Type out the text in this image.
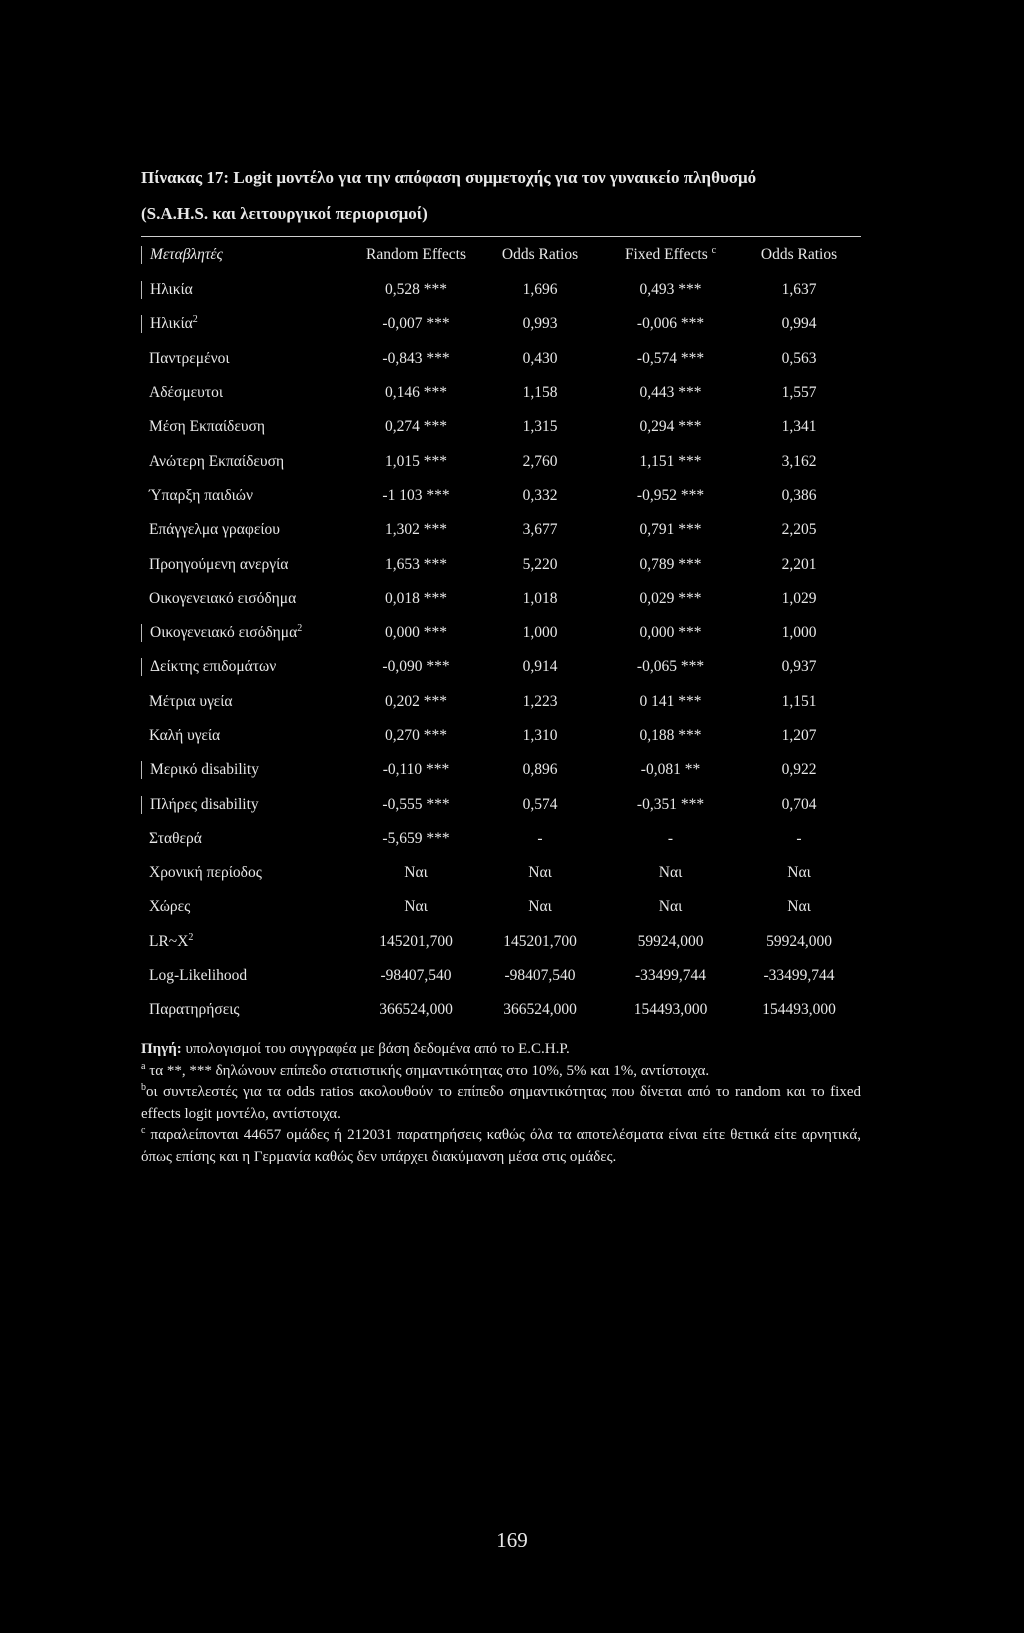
Πίνακας 17: Logit μοντέλο για την απόφαση συμμετοχής για τον γυναικείο πληθυσμό
(S.A.H.S. και λειτουργικοί περιορισμοί)
Μεταβλητές	Random Effects	Odds Ratios	Fixed Effects $^c$	Odds Ratios
Ηλικία	0,528 ***	1,696	0,493 ***	1,637
Ηλικία$^2$	-0,007 ***	0,993	-0,006 ***	0,994
Παντρεμένοι	-0,843 ***	0,430	-0,574 ***	0,563
Αδέσμευτοι	0,146 ***	1,158	0,443 ***	1,557
Μέση Εκπαίδευση	0,274 ***	1,315	0,294 ***	1,341
Ανώτερη Εκπαίδευση	1,015 ***	2,760	1,151 ***	3,162
Ύπαρξη παιδιών	-1 103 ***	0,332	-0,952 ***	0,386
Επάγγελμα γραφείου	1,302 ***	3,677	0,791 ***	2,205
Προηγούμενη ανεργία	1,653 ***	5,220	0,789 ***	2,201
Οικογενειακό εισόδημα	0,018 ***	1,018	0,029 ***	1,029
Οικογενειακό εισόδημα$^2$	0,000 ***	1,000	0,000 ***	1,000
Δείκτης επιδομάτων	-0,090 ***	0,914	-0,065 ***	0,937
Μέτρια υγεία	0,202 ***	1,223	0 141 ***	1,151
Καλή υγεία	0,270 ***	1,310	0,188 ***	1,207
Μερικό disability	-0,110 ***	0,896	-0,081 **	0,922
Πλήρες disability	-0,555 ***	0,574	-0,351 ***	0,704
Σταθερά	-5,659 ***	-	-	-
Χρονική περίοδος	Ναι	Ναι	Ναι	Ναι
Χώρες	Ναι	Ναι	Ναι	Ναι
$LR\sim X^2$	145201,700	145201,700	59924,000	59924,000
Log-Likelihood	-98407,540	-98407,540	-33499,744	-33499,744
Παρατηρήσεις	366524,000	366524,000	154493,000	154493,000

Πηγή: υπολογισμοί του συγγραφέα με βάση δεδομένα από το E.C.H.P.

$^a$ τα **, *** δηλώνουν επίπεδο στατιστικής σημαντικότητας στο 10%, 5% και 1%, αντίστοιχα.

$^b$οι συντελεστές για τα odds ratios ακολουθούν το επίπεδο σημαντικότητας που δίνεται από το random και το fixed effects logit μοντέλο, αντίστοιχα.

$^c$ παραλείπονται 44657 ομάδες ή 212031 παρατηρήσεις καθώς όλα τα αποτελέσματα είναι είτε θετικά είτε αρνητικά, όπως επίσης και η Γερμανία καθώς δεν υπάρχει διακύμανση μέσα στις ομάδες.

169
